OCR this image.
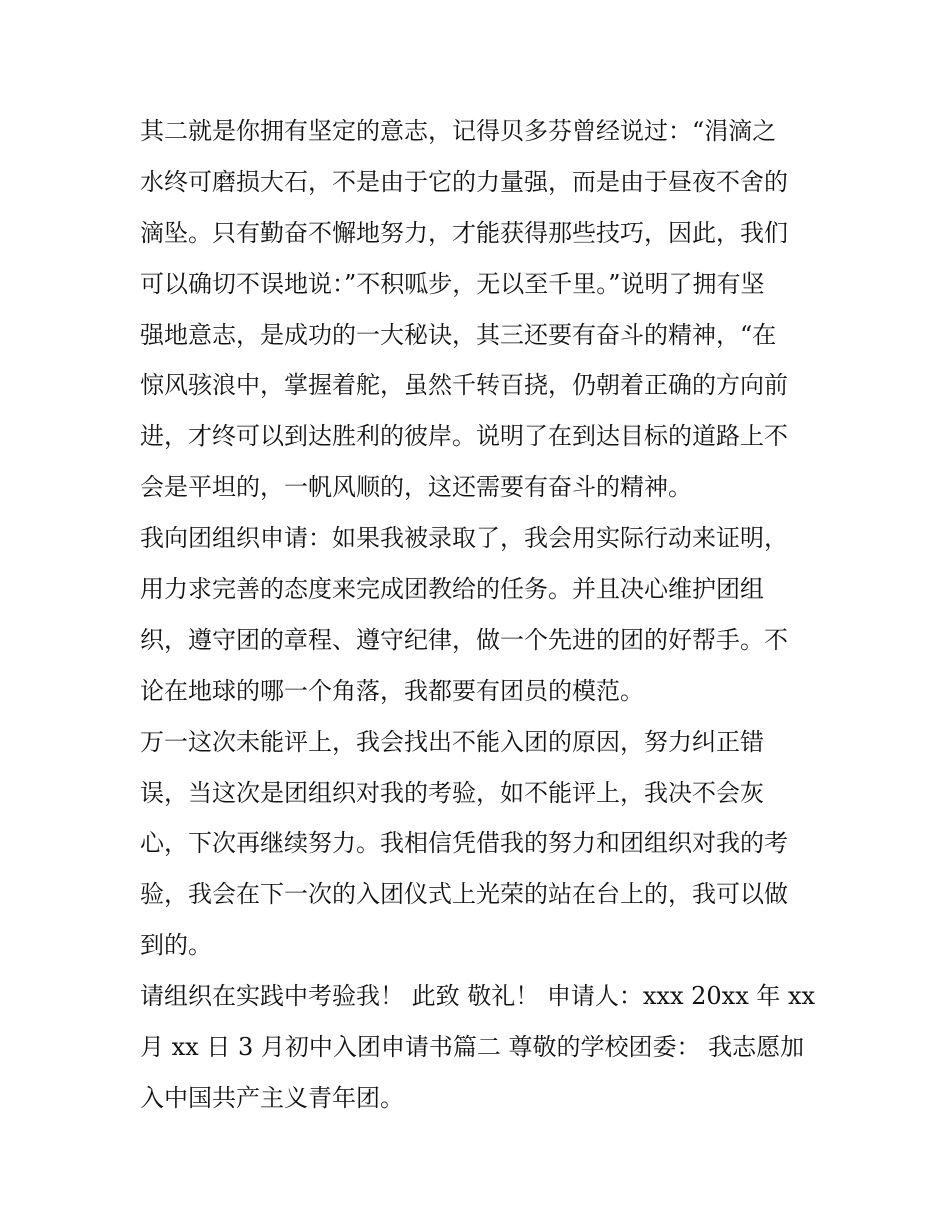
其二就是你拥有坚定的意志，记得贝多芬曾经说过：“涓滴之
水终可磨损大石，不是由于它的力量强，而是由于昼夜不舍的
滴坠。只有勤奋不懈地努力，才能获得那些技巧，因此，我们
可以确切不误地说：”不积呱步，无以至千里。”说明了拥有坚
强地意志，是成功的一大秘诀，其三还要有奋斗的精神，“在
惊风骇浪中，掌握着舵，虽然千转百挠，仍朝着正确的方向前
进，才终可以到达胜利的彼岸。说明了在到达目标的道路上不
会是平坦的，一帆风顺的，这还需要有奋斗的精神。
我向团组织申请：如果我被录取了，我会用实际行动来证明，
用力求完善的态度来完成团教给的任务。并且决心维护团组
织，遵守团的章程、遵守纪律，做一个先进的团的好帮手。不
论在地球的哪一个角落，我都要有团员的模范。
万一这次未能评上，我会找出不能入团的原因，努力纠正错
误，当这次是团组织对我的考验，如不能评上，我决不会灰
心，下次再继续努力。我相信凭借我的努力和团组织对我的考
验，我会在下一次的入团仪式上光荣的站在台上的，我可以做
到的。
请组织在实践中考验我！ 此致 敬礼！ 申请人：xxx 20xx 年 xx
月 xx 日 3 月初中入团申请书篇二 尊敬的学校团委： 我志愿加
入中国共产主义青年团。
